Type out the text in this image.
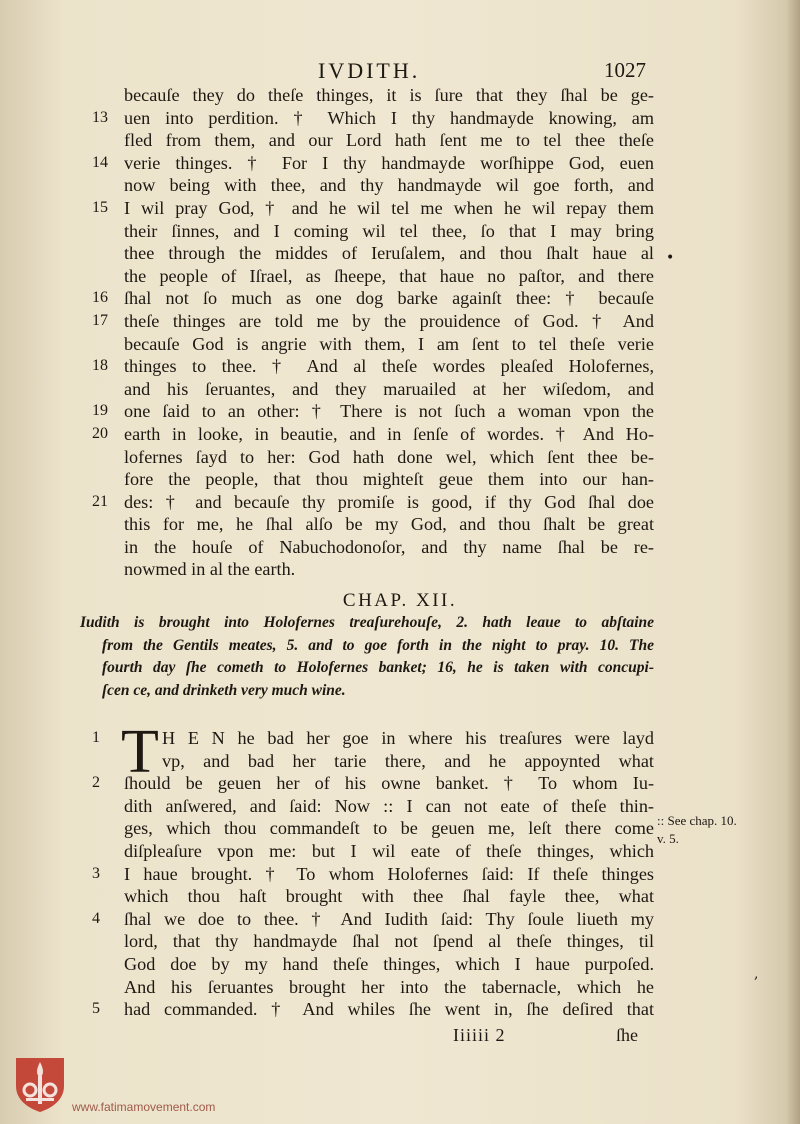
IVDITH.	1027
becauſe they do theſe thinges, it is ſure that they ſhal be ge-
13 uen into perdition. † Which I thy handmayde knowing, am
fled from them, and our Lord hath ſent me to tel thee theſe
14 verie thinges. † For I thy handmayde worſhippe God, euen
now being with thee, and thy handmayde wil goe forth, and
15 I wil pray God, † and he wil tel me when he wil repay them
their ſinnes, and I coming wil tel thee, ſo that I may bring
thee through the middes of Ieruſalem, and thou ſhalt haue al
the people of Iſrael, as ſheepe, that haue no paſtor, and there
16 ſhal not ſo much as one dog barke againſt thee: † becauſe
17 theſe thinges are told me by the prouidence of God. † And
becauſe God is angrie with them, I am ſent to tel theſe verie
18 thinges to thee. † And al theſe wordes pleaſed Holofernes,
and his ſeruantes, and they maruailed at her wiſedom, and
19 one ſaid to an other: † There is not ſuch a woman vpon the
20 earth in looke, in beautie, and in ſenſe of wordes. † And Ho-
lofernes ſayd to her: God hath done wel, which ſent thee be-
fore the people, that thou mighteſt geue them into our han-
21 des: † and becauſe thy promiſe is good, if thy God ſhal doe
this for me, he ſhal alſo be my God, and thou ſhalt be great
in the houſe of Nabuchodonoſor, and thy name ſhal be re-
nowmed in al the earth.
CHAP. XII.
Iudith is brought into Holofernes treaſurehouſe, 2. hath leaue to abſtaine
from the Gentils meates, 5. and to goe forth in the night to pray. 10. The
fourth day ſhe cometh to Holofernes banket; 16, he is taken with concupi-
ſcen ce, and drinketh very much wine.
T
1	H E N he bad her goe in where his treaſures were layd
vp, and bad her tarie there, and he appoynted what
2	ſhould be geuen her of his owne banket. † To whom Iu-
dith anſwered, and ſaid: Now :: I can not eate of theſe thin-
ges, which thou commandeſt to be geuen me, leſt there come
diſpleaſure vpon me: but I wil eate of theſe thinges, which
3	I haue brought. † To whom Holofernes ſaid: If theſe thinges
which thou haſt brought with thee ſhal fayle thee, what
4	ſhal we doe to thee. † And Iudith ſaid: Thy ſoule liueth my
lord, that thy handmayde ſhal not ſpend al theſe thinges, til
God doe by my hand theſe thinges, which I haue purpoſed.
And his ſeruantes brought her into the tabernacle, which he
5	had commanded. † And whiles ſhe went in, ſhe deſired that
:: See chap. 10.
v. 5.
•
,
Iiiiii 2	ſhe
www.fatimamovement.com
